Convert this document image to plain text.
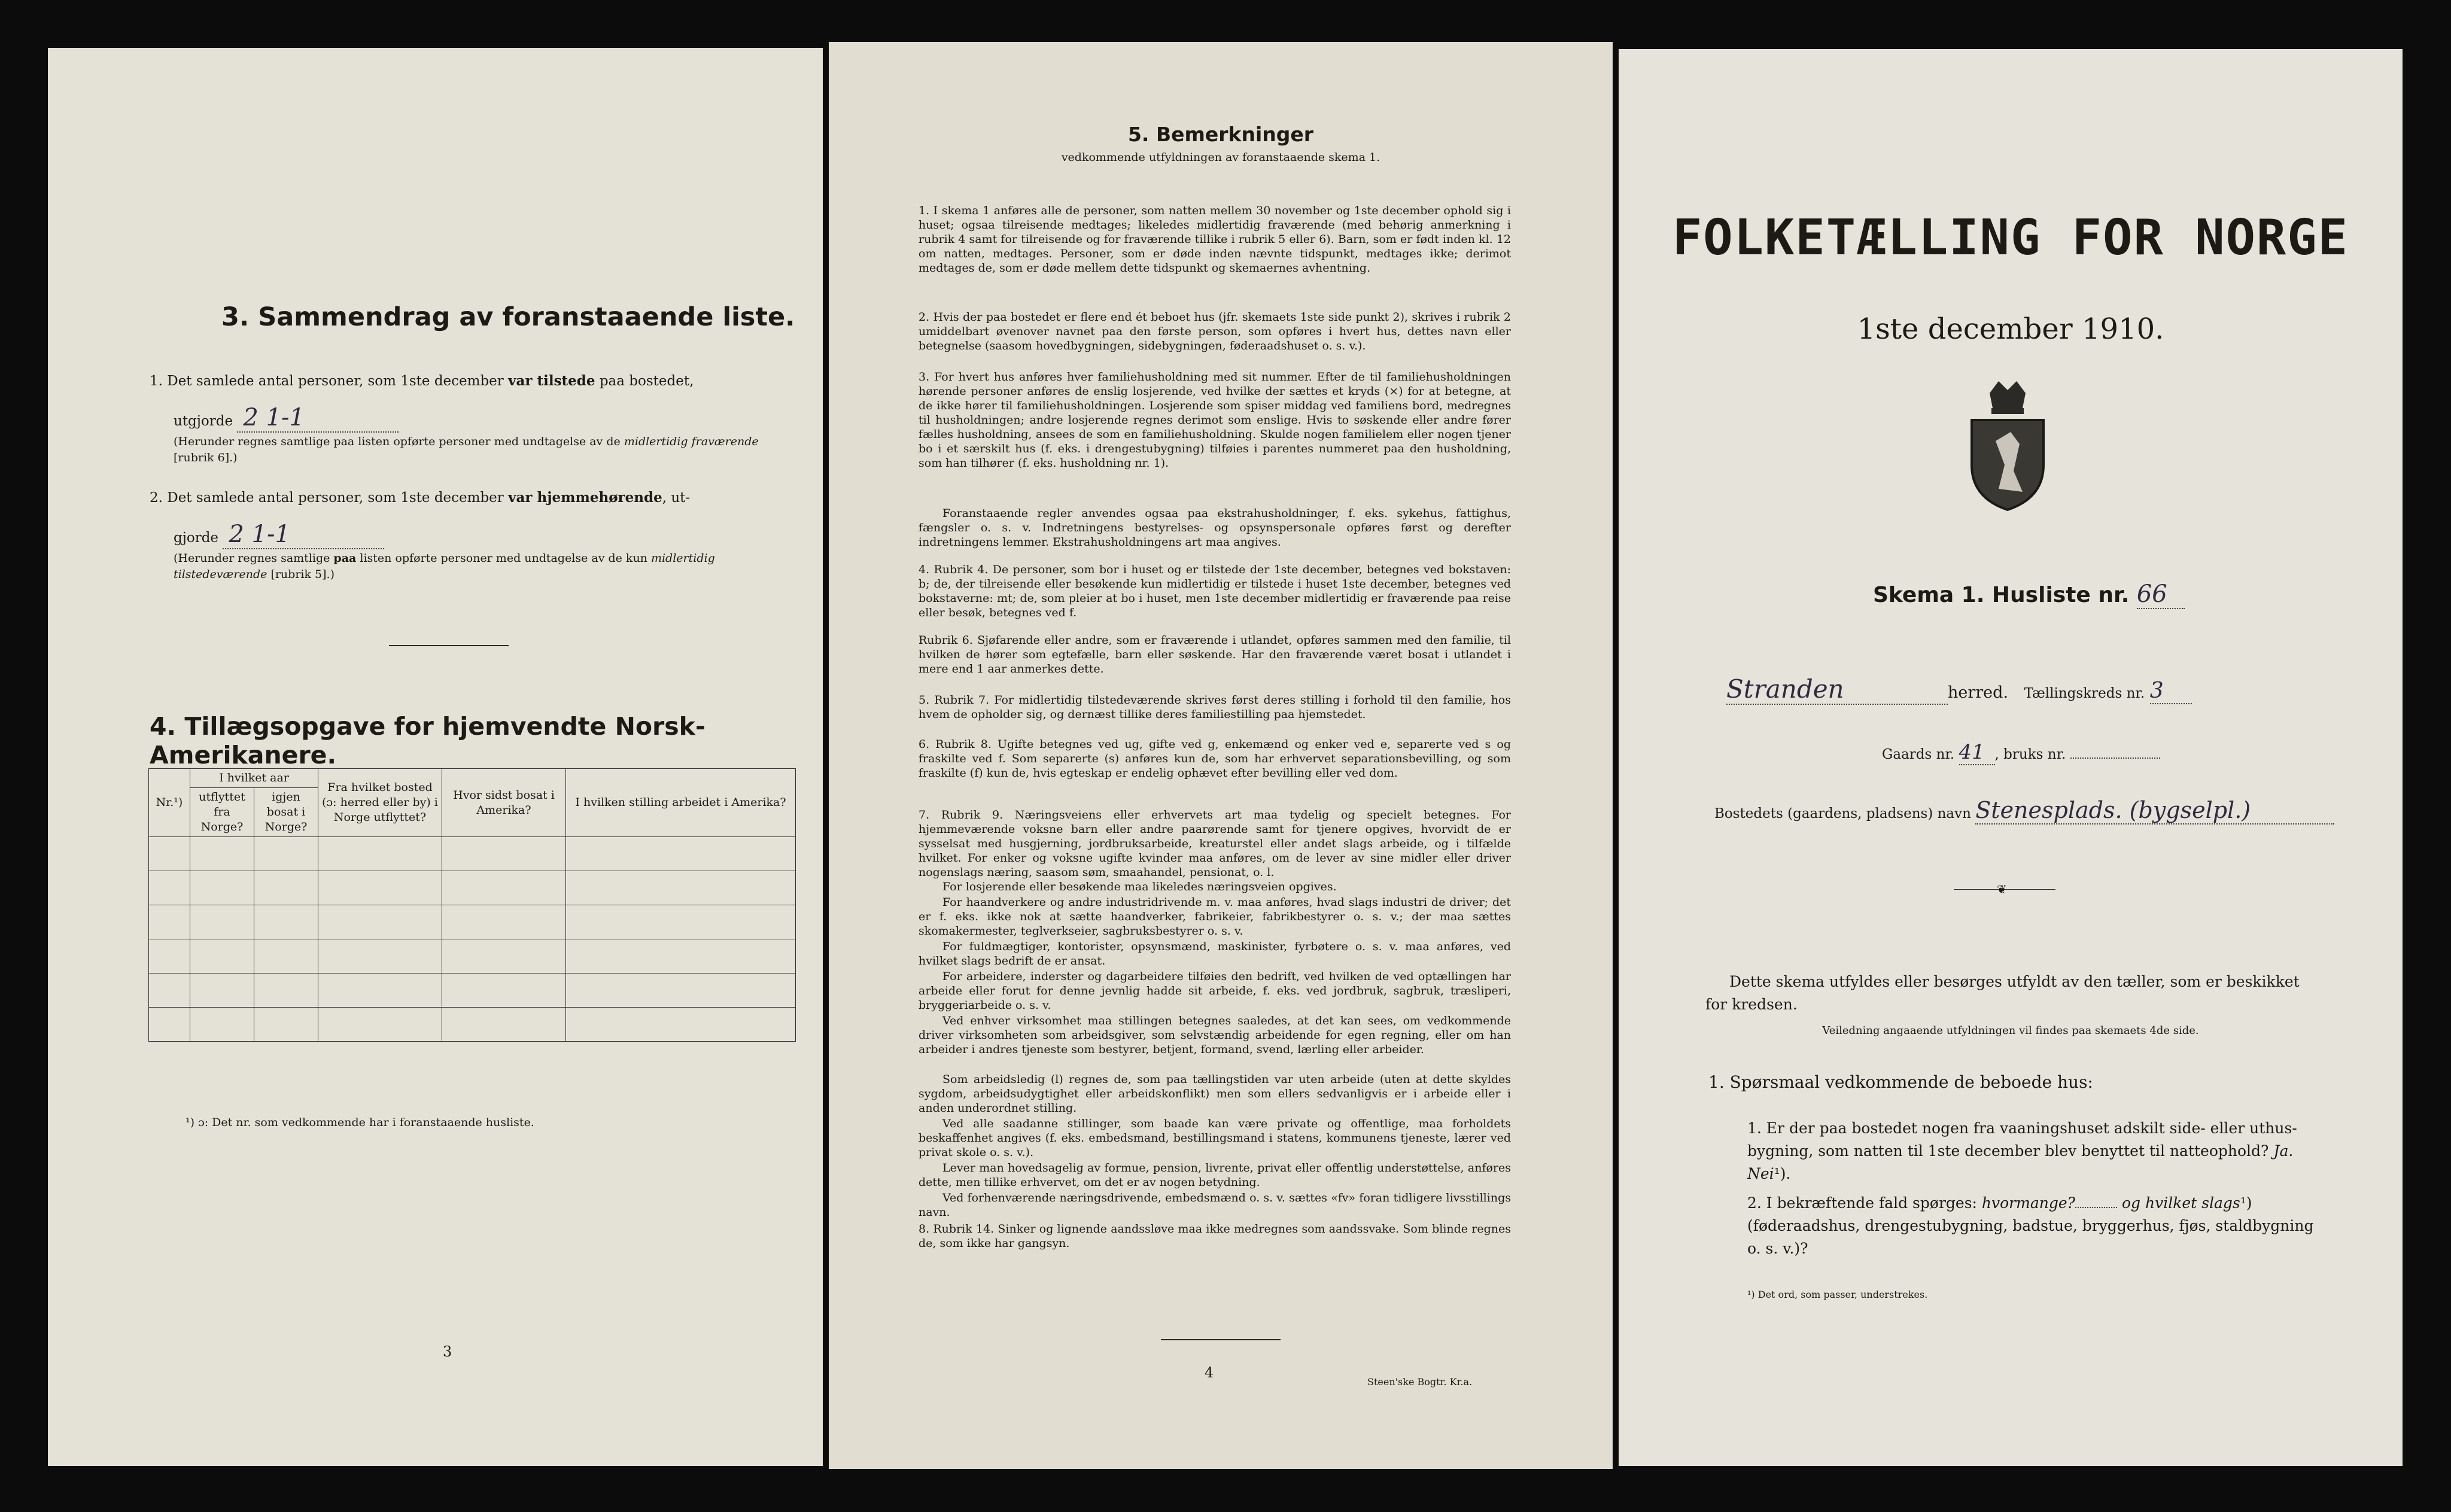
3. Sammendrag av foranstaaende liste.
1. Det samlede antal personer, som 1ste december var tilstede paa bostedet,
utgjorde 2 1-1
(Herunder regnes samtlige paa listen opførte personer med undtagelse av de midlertidig fraværende [rubrik 6].)
2. Det samlede antal personer, som 1ste december var hjemmehørende, ut-
gjorde 2 1-1
(Herunder regnes samtlige paa listen opførte personer med undtagelse av de kun midlertidig tilstedeværende [rubrik 5].)
4. Tillægsopgave for hjemvendte Norsk-Amerikanere.
Nr.¹)	I hvilket aar		Fra hvilket bosted (ɔ: herred eller by) i Norge utflyttet?	Hvor sidst bosat i Amerika?	I hvilken stilling arbeidet i Amerika?
	utflyttet fra Norge?	igjen bosat i Norge?			

¹) ɔ: Det nr. som vedkommende har i foranstaaende husliste.
3
5. Bemerkninger
vedkommende utfyldningen av foranstaaende skema 1.
1. I skema 1 anføres alle de personer, som natten mellem 30 november og 1ste december ophold sig i huset; ogsaa tilreisende medtages; likeledes midlertidig fraværende (med behørig anmerkning i rubrik 4 samt for tilreisende og for fraværende tillike i rubrik 5 eller 6). Barn, som er født inden kl. 12 om natten, medtages. Personer, som er døde inden nævnte tidspunkt, medtages ikke; derimot medtages de, som er døde mellem dette tidspunkt og skemaernes avhentning.
2. Hvis der paa bostedet er flere end ét beboet hus (jfr. skemaets 1ste side punkt 2), skrives i rubrik 2 umiddelbart øvenover navnet paa den første person, som opføres i hvert hus, dettes navn eller betegnelse (saasom hovedbygningen, sidebygningen, føderaadshuset o. s. v.).
3. For hvert hus anføres hver familiehusholdning med sit nummer. Efter de til familiehusholdningen hørende personer anføres de enslig losjerende, ved hvilke der sættes et kryds (×) for at betegne, at de ikke hører til familiehusholdningen. Losjerende som spiser middag ved familiens bord, medregnes til husholdningen; andre losjerende regnes derimot som enslige. Hvis to søskende eller andre fører fælles husholdning, ansees de som en familiehusholdning. Skulde nogen familielem eller nogen tjener bo i et særskilt hus (f. eks. i drengestubygning) tilføies i parentes nummeret paa den husholdning, som han tilhører (f. eks. husholdning nr. 1).
Foranstaaende regler anvendes ogsaa paa ekstrahusholdninger, f. eks. sykehus, fattighus, fængsler o. s. v. Indretningens bestyrelses- og opsynspersonale opføres først og derefter indretningens lemmer. Ekstrahusholdningens art maa angives.
4. Rubrik 4. De personer, som bor i huset og er tilstede der 1ste december, betegnes ved bokstaven: b; de, der tilreisende eller besøkende kun midlertidig er tilstede i huset 1ste december, betegnes ved bokstaverne: mt; de, som pleier at bo i huset, men 1ste december midlertidig er fraværende paa reise eller besøk, betegnes ved f.
Rubrik 6. Sjøfarende eller andre, som er fraværende i utlandet, opføres sammen med den familie, til hvilken de hører som egtefælle, barn eller søskende. Har den fraværende været bosat i utlandet i mere end 1 aar anmerkes dette.
5. Rubrik 7. For midlertidig tilstedeværende skrives først deres stilling i forhold til den familie, hos hvem de opholder sig, og dernæst tillike deres familiestilling paa hjemstedet.
6. Rubrik 8. Ugifte betegnes ved ug, gifte ved g, enkemænd og enker ved e, separerte ved s og fraskilte ved f. Som separerte (s) anføres kun de, som har erhvervet separationsbevilling, og som fraskilte (f) kun de, hvis egteskap er endelig ophævet efter bevilling eller ved dom.
7. Rubrik 9. Næringsveiens eller erhvervets art maa tydelig og specielt betegnes. For hjemmeværende voksne barn eller andre paarørende samt for tjenere opgives, hvorvidt de er sysselsat med husgjerning, jordbruksarbeide, kreaturstel eller andet slags arbeide, og i tilfælde hvilket. For enker og voksne ugifte kvinder maa anføres, om de lever av sine midler eller driver nogenslags næring, saasom søm, smaahandel, pensionat, o. l.
For losjerende eller besøkende maa likeledes næringsveien opgives.
For haandverkere og andre industridrivende m. v. maa anføres, hvad slags industri de driver; det er f. eks. ikke nok at sætte haandverker, fabrikeier, fabrikbestyrer o. s. v.; der maa sættes skomakermester, teglverkseier, sagbruksbestyrer o. s. v.
For fuldmægtiger, kontorister, opsynsmænd, maskinister, fyrbøtere o. s. v. maa anføres, ved hvilket slags bedrift de er ansat.
For arbeidere, inderster og dagarbeidere tilføies den bedrift, ved hvilken de ved optællingen har arbeide eller forut for denne jevnlig hadde sit arbeide, f. eks. ved jordbruk, sagbruk, træsliperi, bryggeriarbeide o. s. v.
Ved enhver virksomhet maa stillingen betegnes saaledes, at det kan sees, om vedkommende driver virksomheten som arbeidsgiver, som selvstændig arbeidende for egen regning, eller om han arbeider i andres tjeneste som bestyrer, betjent, formand, svend, lærling eller arbeider.
Som arbeidsledig (l) regnes de, som paa tællingstiden var uten arbeide (uten at dette skyldes sygdom, arbeidsudygtighet eller arbeidskonflikt) men som ellers sedvanligvis er i arbeide eller i anden underordnet stilling.
Ved alle saadanne stillinger, som baade kan være private og offentlige, maa forholdets beskaffenhet angives (f. eks. embedsmand, bestillingsmand i statens, kommunens tjeneste, lærer ved privat skole o. s. v.).
Lever man hovedsagelig av formue, pension, livrente, privat eller offentlig understøttelse, anføres dette, men tillike erhvervet, om det er av nogen betydning.
Ved forhenværende næringsdrivende, embedsmænd o. s. v. sættes «fv» foran tidligere livsstillings navn.
8. Rubrik 14. Sinker og lignende aandssløve maa ikke medregnes som aandssvake. Som blinde regnes de, som ikke har gangsyn.
4
Steen'ske Bogtr. Kr.a.
FOLKETÆLLING FOR NORGE
1ste december 1910.
Skema 1. Husliste nr. 66
Stranden	herred. Tællingskreds nr. 3
Gaards nr. 41 , bruks nr.
Bostedets (gaardens, pladsens) navn Stenesplads. (bygselpl.)
❦
Dette skema utfyldes eller besørges utfyldt av den tæller, som er beskikket for kredsen.
Veiledning angaaende utfyldningen vil findes paa skemaets 4de side.
1. Spørsmaal vedkommende de beboede hus:
1. Er der paa bostedet nogen fra vaaningshuset adskilt side- eller uthus-bygning, som natten til 1ste december blev benyttet til natteophold? Ja. Nei¹).
2. I bekræftende fald spørges: hvormange?	og hvilket slags¹) (føderaadshus, drengestubygning, badstue, bryggerhus, fjøs, staldbygning o. s. v.)?
¹) Det ord, som passer, understrekes.
